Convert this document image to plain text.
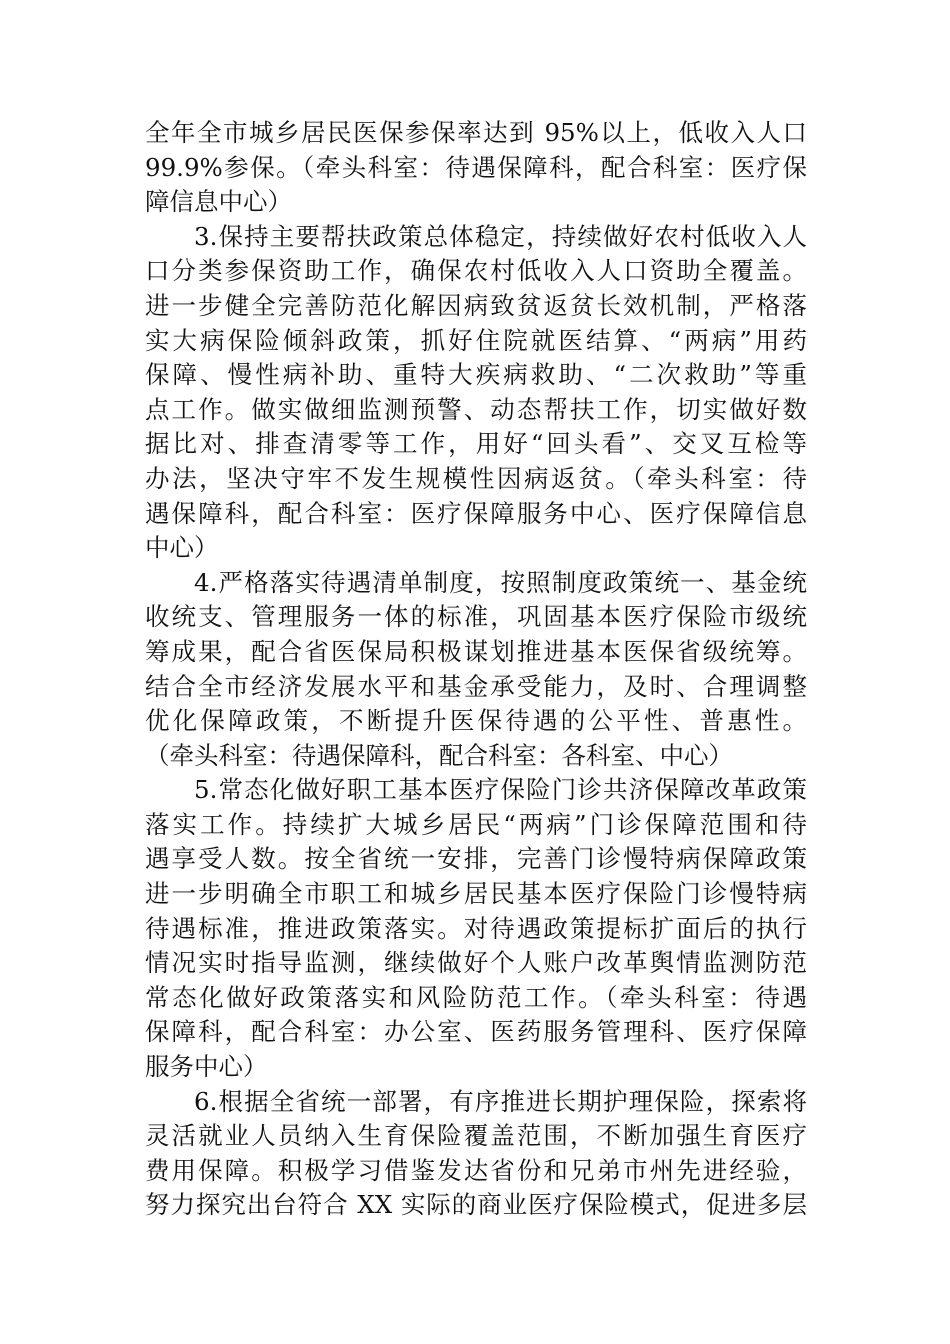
全年全市城乡居民医保参保率达到 95%以上，低收入人口
99.9%参保。（牵头科室：待遇保障科，配合科室：医疗保
障信息中心）
3.保持主要帮扶政策总体稳定，持续做好农村低收入人
口分类参保资助工作，确保农村低收入人口资助全覆盖。
进一步健全完善防范化解因病致贫返贫长效机制，严格落
实大病保险倾斜政策，抓好住院就医结算、“两病”用药
保障、慢性病补助、重特大疾病救助、“二次救助”等重
点工作。做实做细监测预警、动态帮扶工作，切实做好数
据比对、排查清零等工作，用好“回头看”、交叉互检等
办法，坚决守牢不发生规模性因病返贫。（牵头科室：待
遇保障科，配合科室：医疗保障服务中心、医疗保障信息
中心）
4.严格落实待遇清单制度，按照制度政策统一、基金统
收统支、管理服务一体的标准，巩固基本医疗保险市级统
筹成果，配合省医保局积极谋划推进基本医保省级统筹。
结合全市经济发展水平和基金承受能力，及时、合理调整
优化保障政策，不断提升医保待遇的公平性、普惠性。
（牵头科室：待遇保障科，配合科室：各科室、中心）
5.常态化做好职工基本医疗保险门诊共济保障改革政策
落实工作。持续扩大城乡居民“两病”门诊保障范围和待
遇享受人数。按全省统一安排，完善门诊慢特病保障政策
进一步明确全市职工和城乡居民基本医疗保险门诊慢特病
待遇标准，推进政策落实。对待遇政策提标扩面后的执行
情况实时指导监测，继续做好个人账户改革舆情监测防范
常态化做好政策落实和风险防范工作。（牵头科室：待遇
保障科，配合科室：办公室、医药服务管理科、医疗保障
服务中心）
6.根据全省统一部署，有序推进长期护理保险，探索将
灵活就业人员纳入生育保险覆盖范围，不断加强生育医疗
费用保障。积极学习借鉴发达省份和兄弟市州先进经验，
努力探究出台符合 XX 实际的商业医疗保险模式，促进多层
